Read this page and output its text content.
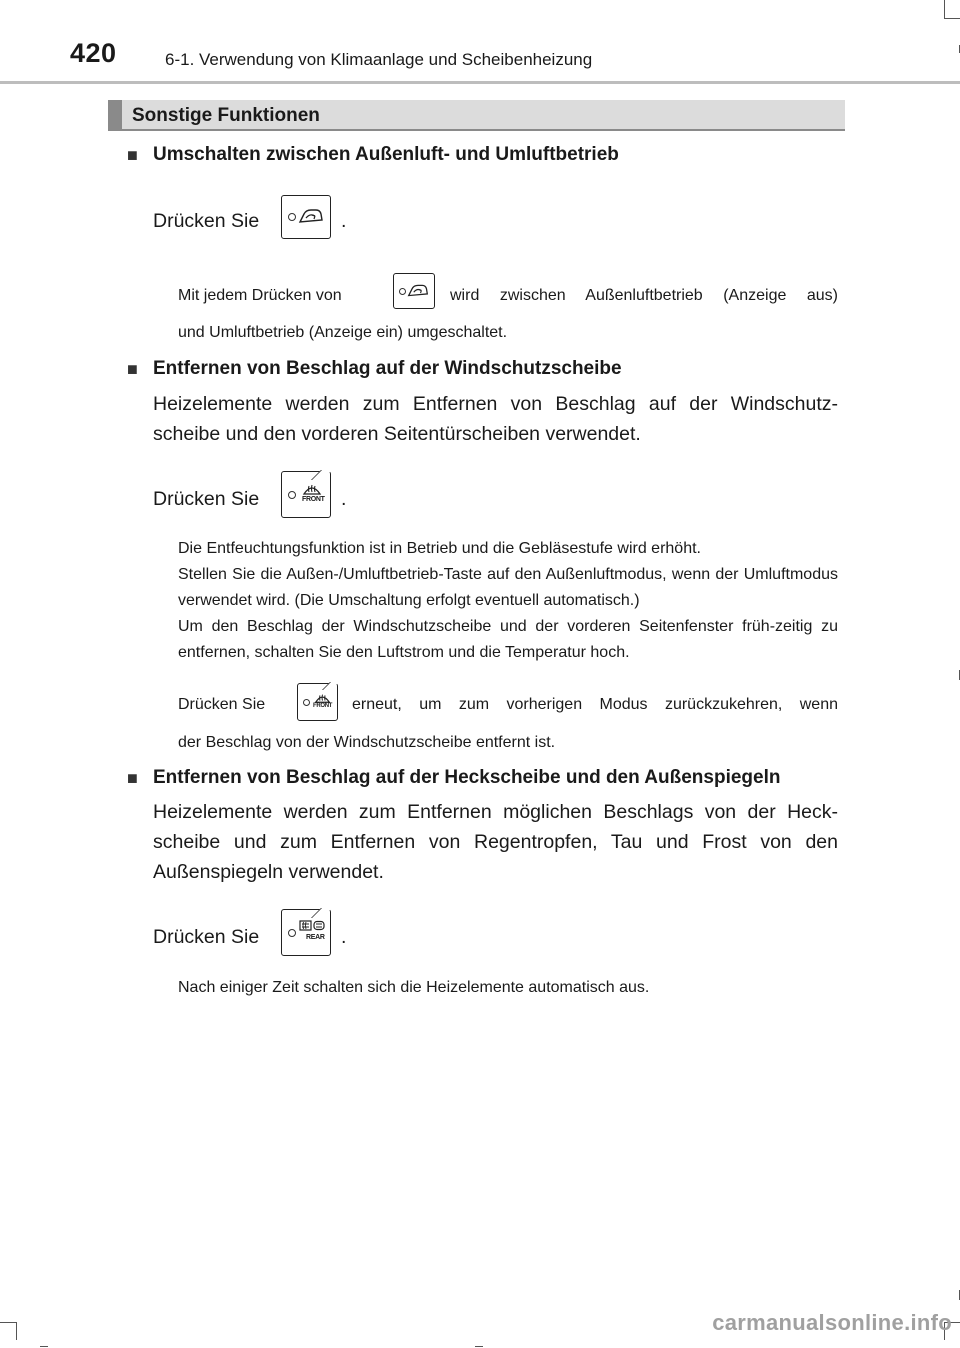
420	6-1. Verwendung von Klimaanlage und Scheibenheizung
Sonstige Funktionen
■ Umschalten zwischen Außenluft- und Umluftbetrieb
Drücken Sie	.
Mit jedem Drücken von	wird zwischen Außenluftbetrieb (Anzeige aus)
und Umluftbetrieb (Anzeige ein) umgeschaltet.
■ Entfernen von Beschlag auf der Windschutzscheibe
Heizelemente werden zum Entfernen von Beschlag auf der Windschutz-scheibe und den vorderen Seitentürscheiben verwendet.
Drücken Sie	FRONT .
Die Entfeuchtungsfunktion ist in Betrieb und die Gebläsestufe wird erhöht.
Stellen Sie die Außen-/Umluftbetrieb-Taste auf den Außenluftmodus, wenn der Umluftmodus verwendet wird. (Die Umschaltung erfolgt eventuell automatisch.)
Um den Beschlag der Windschutzscheibe und der vorderen Seitenfenster früh-zeitig zu entfernen, schalten Sie den Luftstrom und die Temperatur hoch.
Drücken Sie	FRONT erneut, um zum vorherigen Modus zurückzukehren, wenn
der Beschlag von der Windschutzscheibe entfernt ist.
■ Entfernen von Beschlag auf der Heckscheibe und den Außenspiegeln
Heizelemente werden zum Entfernen möglichen Beschlags von der Heck-scheibe und zum Entfernen von Regentropfen, Tau und Frost von den Außenspiegeln verwendet.
Drücken Sie	REAR .
Nach einiger Zeit schalten sich die Heizelemente automatisch aus.
carmanualsonline.info
